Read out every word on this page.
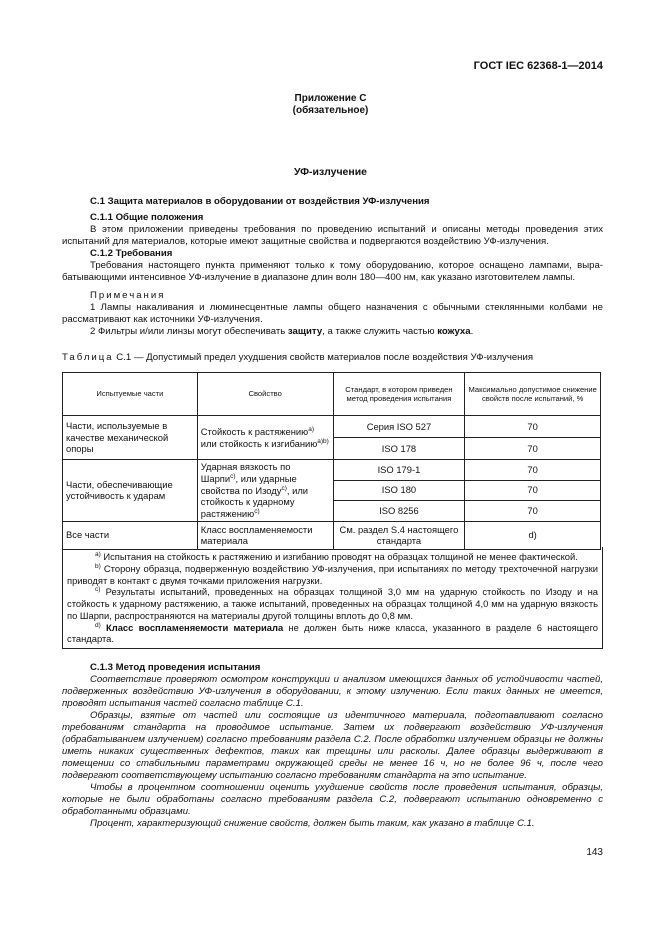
ГОСТ IEC 62368-1—2014
Приложение С
(обязательное)
УФ-излучение

С.1 Защита материалов в оборудовании от воздействия УФ-излучения

С.1.1 Общие положения

В этом приложении приведены требования по проведению испытаний и описаны методы проведения этих испытаний для материалов, которые имеют защитные свойства и подвергаются воздействию УФ-излучения.

С.1.2 Требования

Требования настоящего пункта применяют только к тому оборудованию, которое оснащено лампами, выра-батывающими интенсивное УФ-излучение в диапазоне длин волн 180—400 нм, как указано изготовителем лампы.

Примечания

1 Лампы накаливания и люминесцентные лампы общего назначения с обычными стеклянными колбами не рассматривают как источники УФ-излучения.

2 Фильтры и/или линзы могут обеспечивать защиту, а также служить частью кожуха.

Таблица С.1 — Допустимый предел ухудшения свойств материалов после воздействия УФ-излучения
Испытуемые части	Свойство	Стандарт, в котором приведен метод проведения испытания	Максимально допустимое снижение свойств после испытаний, %
Части, используемые в качестве механической опоры	Стойкость к растяжению$^{a)}$ или стойкость к изгибанию$^{a)b)}$	Серия ISO 527	70
		ISO 178	70
Части, обеспечивающие устойчивость к ударам	Ударная вязкость по Шарпи$^{c)}$, или ударные свойства по Изоду$^{c)}$, или стойкость к ударному растяжению$^{c)}$	ISO 179-1	70
		ISO 180	70
		ISO 8256	70
Все части	Класс воспламеняемости материала	См. раздел S.4 настоящего стандарта	d)

$^{a)}$ Испытания на стойкость к растяжению и изгибанию проводят на образцах толщиной не менее фактической.

$^{b)}$ Сторону образца, подверженную воздействию УФ-излучения, при испытаниях по методу трехточечной нагрузки приводят в контакт с двумя точками приложения нагрузки.

$^{c)}$ Результаты испытаний, проведенных на образцах толщиной 3,0 мм на ударную стойкость по Изоду и на стойкость к ударному растяжению, а также испытаний, проведенных на образцах толщиной 4,0 мм на ударную вязкость по Шарпи, распространяются на материалы другой толщины вплоть до 0,8 мм.

$^{d)}$ Класс воспламеняемости материала не должен быть ниже класса, указанного в разделе 6 настоящего стандарта.

С.1.3 Метод проведения испытания

Соответствие проверяют осмотром конструкции и анализом имеющихся данных об устойчивости частей, подверженных воздействию УФ-излучения в оборудовании, к этому излучению. Если таких данных не имеется, проводят испытания частей согласно таблице С.1.

Образцы, взятые от частей или состоящие из идентичного материала, подготавливают согласно требованиям стандарта на проводимое испытание. Затем их подвергают воздействию УФ-излучения (обрабатыванием излучением) согласно требованиям раздела С.2. После обработки излучением образцы не должны иметь никаких существенных дефектов, таких как трещины или расколы. Далее образцы выдерживают в помещении со стабильными параметрами окружающей среды не менее 16 ч, но не более 96 ч, после чего подвергают соответствующему испытанию согласно требованиям стандарта на это испытание.

Чтобы в процентном соотношении оценить ухудшение свойств после проведения испытания, образцы, которые не были обработаны согласно требованиям раздела С.2, подвергают испытанию одновременно с обработанными образцами.

Процент, характеризующий снижение свойств, должен быть таким, как указано в таблице С.1.

143
